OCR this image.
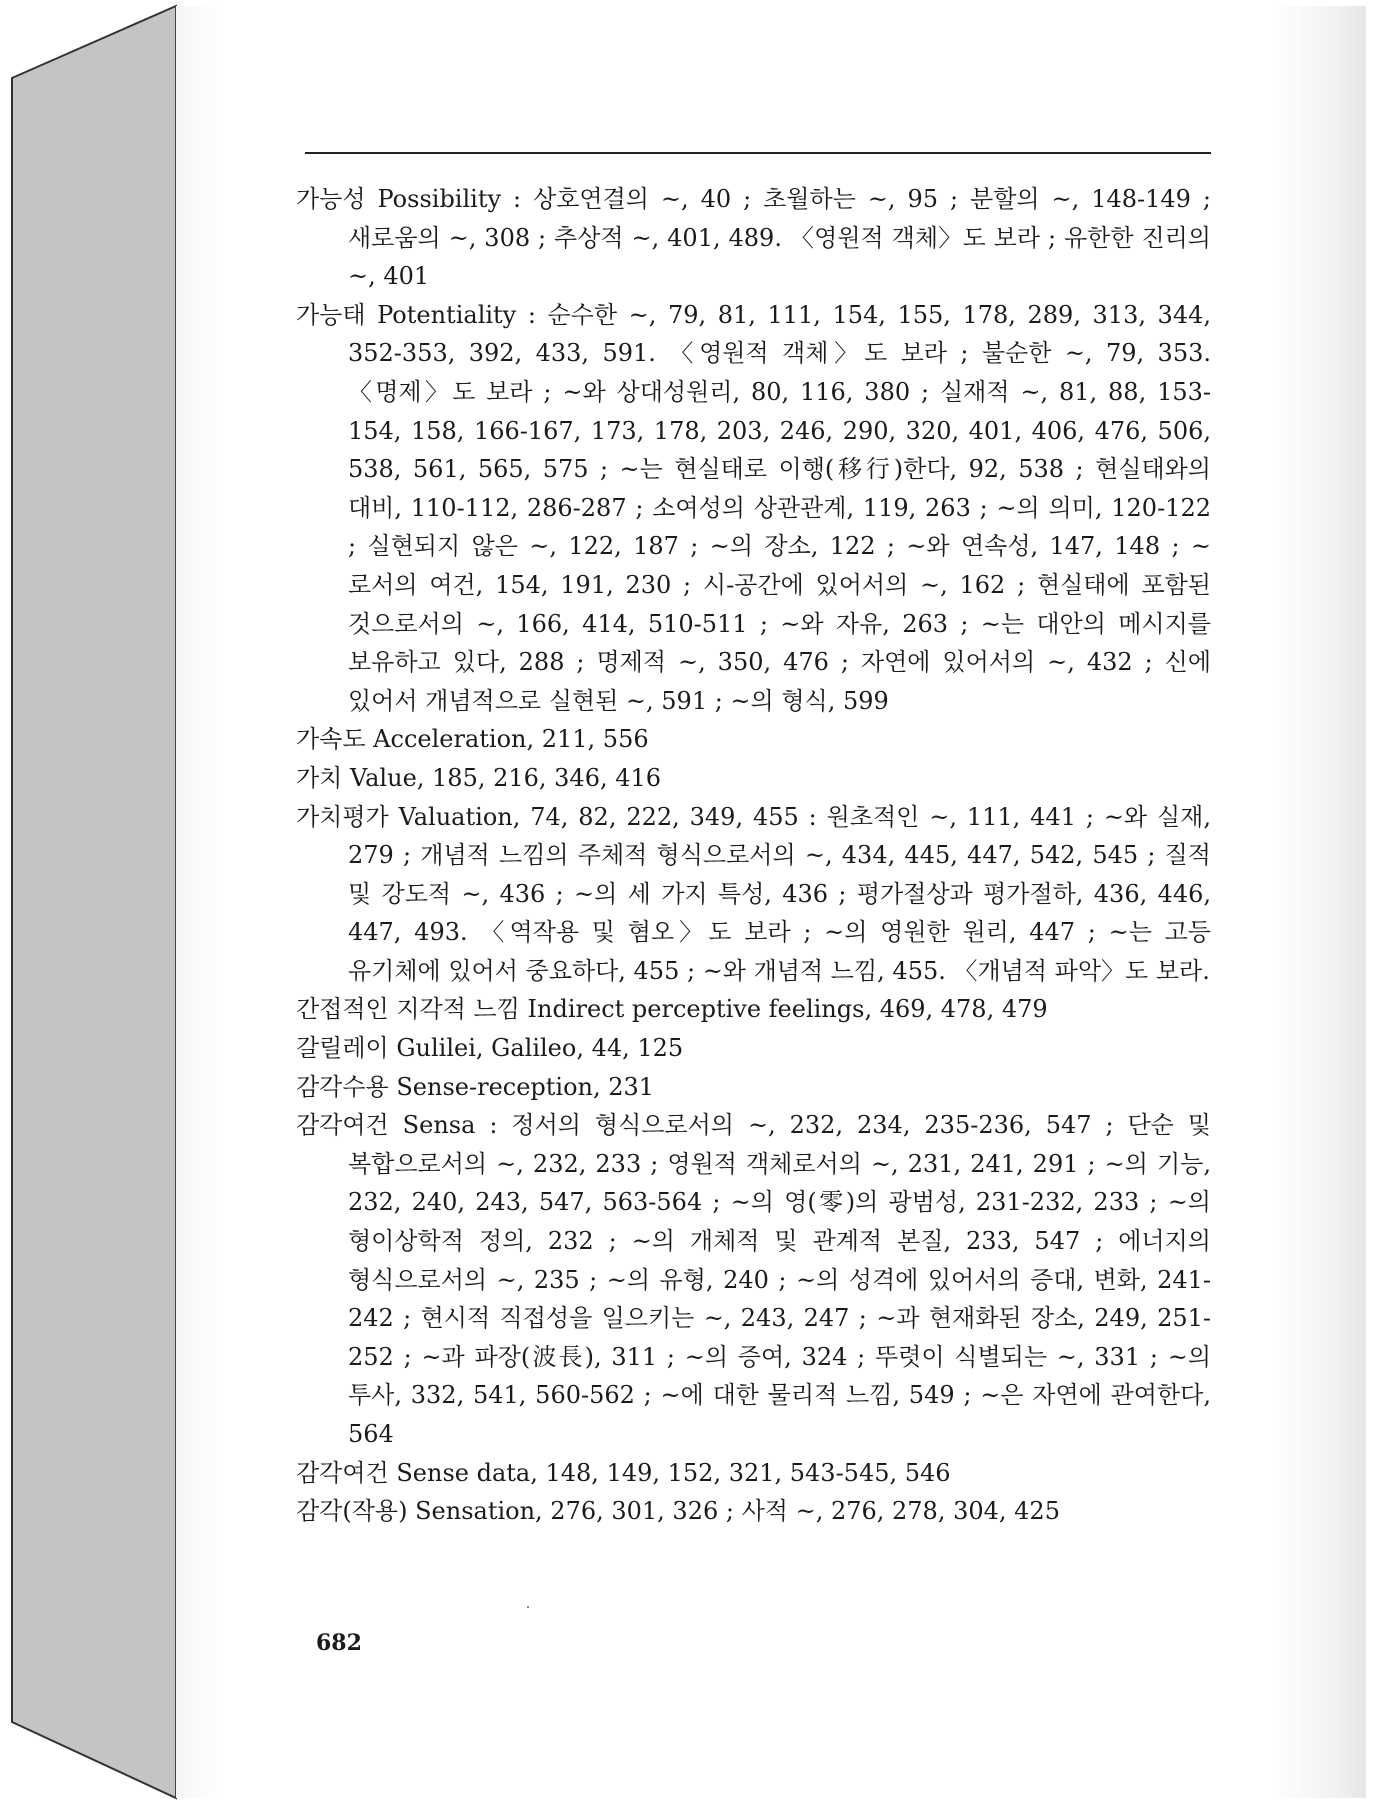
가능성 Possibility : 상호연결의 ~, 40 ; 초월하는 ~, 95 ; 분할의 ~, 148-149 ; 새로움의 ~, 308 ; 추상적 ~, 401, 489. 〈영원적 객체〉도 보라 ; 유한한 진리의 ~, 401

가능태 Potentiality : 순수한 ~, 79, 81, 111, 154, 155, 178, 289, 313, 344, 352-353, 392, 433, 591. 〈영원적 객체〉도 보라 ; 불순한 ~, 79, 353. 〈명제〉도 보라 ; ~와 상대성원리, 80, 116, 380 ; 실재적 ~, 81, 88, 153-154, 158, 166-167, 173, 178, 203, 246, 290, 320, 401, 406, 476, 506, 538, 561, 565, 575 ; ~는 현실태로 이행(移行)한다, 92, 538 ; 현실태와의 대비, 110-112, 286-287 ; 소여성의 상관관계, 119, 263 ; ~의 의미, 120-122 ; 실현되지 않은 ~, 122, 187 ; ~의 장소, 122 ; ~와 연속성, 147, 148 ; ~로서의 여건, 154, 191, 230 ; 시-공간에 있어서의 ~, 162 ; 현실태에 포함된 것으로서의 ~, 166, 414, 510-511 ; ~와 자유, 263 ; ~는 대안의 메시지를 보유하고 있다, 288 ; 명제적 ~, 350, 476 ; 자연에 있어서의 ~, 432 ; 신에 있어서 개념적으로 실현된 ~, 591 ; ~의 형식, 599

가속도 Acceleration, 211, 556

가치 Value, 185, 216, 346, 416

가치평가 Valuation, 74, 82, 222, 349, 455 : 원초적인 ~, 111, 441 ; ~와 실재, 279 ; 개념적 느낌의 주체적 형식으로서의 ~, 434, 445, 447, 542, 545 ; 질적 및 강도적 ~, 436 ; ~의 세 가지 특성, 436 ; 평가절상과 평가절하, 436, 446, 447, 493. 〈역작용 및 혐오〉도 보라 ; ~의 영원한 원리, 447 ; ~는 고등 유기체에 있어서 중요하다, 455 ; ~와 개념적 느낌, 455. 〈개념적 파악〉도 보라.

간접적인 지각적 느낌 Indirect perceptive feelings, 469, 478, 479

갈릴레이 Gulilei, Galileo, 44, 125

감각수용 Sense-reception, 231

감각여건 Sensa : 정서의 형식으로서의 ~, 232, 234, 235-236, 547 ; 단순 및 복합으로서의 ~, 232, 233 ; 영원적 객체로서의 ~, 231, 241, 291 ; ~의 기능, 232, 240, 243, 547, 563-564 ; ~의 영(零)의 광범성, 231-232, 233 ; ~의 형이상학적 정의, 232 ; ~의 개체적 및 관계적 본질, 233, 547 ; 에너지의 형식으로서의 ~, 235 ; ~의 유형, 240 ; ~의 성격에 있어서의 증대, 변화, 241-242 ; 현시적 직접성을 일으키는 ~, 243, 247 ; ~과 현재화된 장소, 249, 251-252 ; ~과 파장(波長), 311 ; ~의 증여, 324 ; 뚜렷이 식별되는 ~, 331 ; ~의 투사, 332, 541, 560-562 ; ~에 대한 물리적 느낌, 549 ; ~은 자연에 관여한다, 564

감각여건 Sense data, 148, 149, 152, 321, 543-545, 546

감각(작용) Sensation, 276, 301, 326 ; 사적 ~, 276, 278, 304, 425

682
